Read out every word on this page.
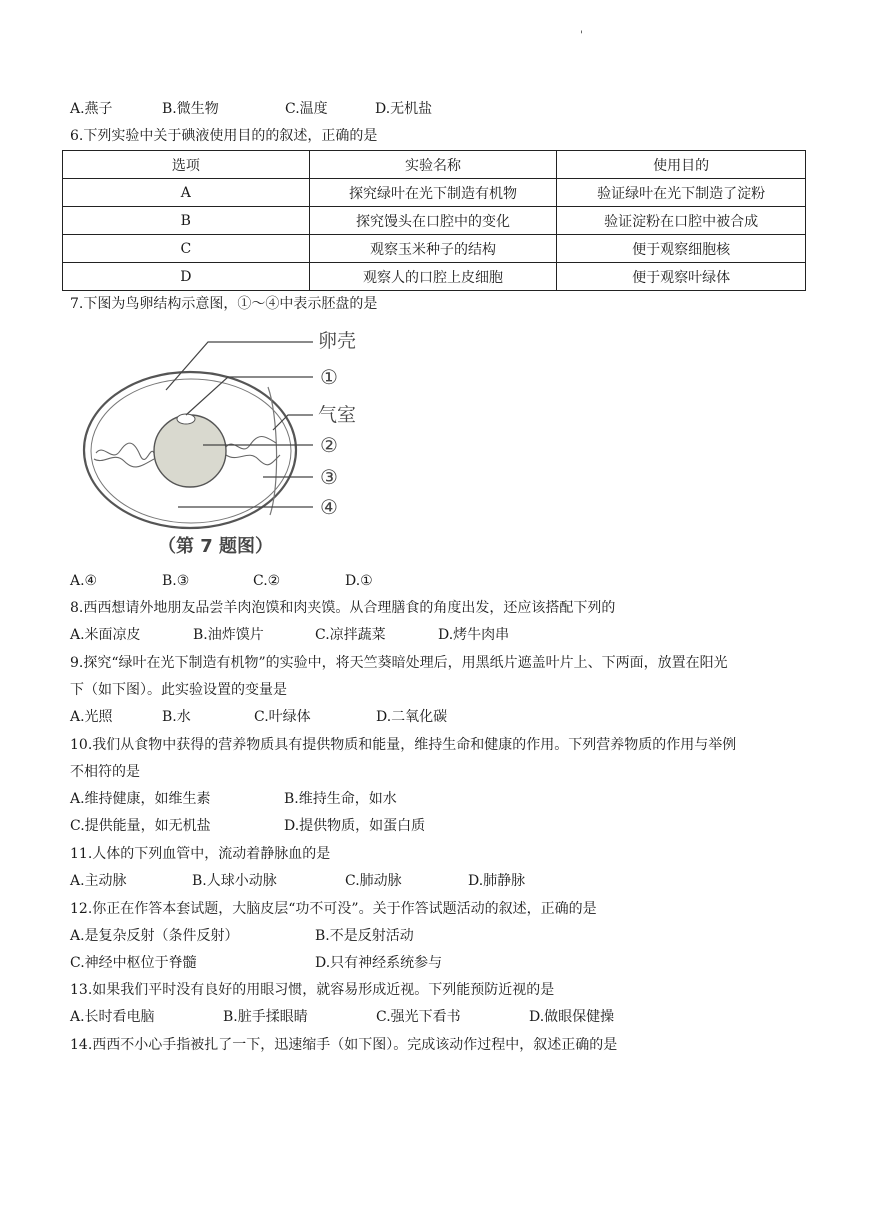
'
A.燕子	B.微生物	C.温度	D.无机盐
6.下列实验中关于碘液使用目的的叙述，正确的是
选项	实验名称	使用目的
A	探究绿叶在光下制造有机物	验证绿叶在光下制造了淀粉
B	探究馒头在口腔中的变化	验证淀粉在口腔中被合成
C	观察玉米种子的结构	便于观察细胞核
D	观察人的口腔上皮细胞	便于观察叶绿体
7.下图为鸟卵结构示意图，①～④中表示胚盘的是
卵壳
①
气室
②
③
④
（第 7 题图）
A.④	B.③	C.②	D.①
8.西西想请外地朋友品尝羊肉泡馍和肉夹馍。从合理膳食的角度出发，还应该搭配下列的
A.米面凉皮	B.油炸馍片	C.凉拌蔬菜	D.烤牛肉串
9.探究“绿叶在光下制造有机物”的实验中，将天竺葵暗处理后，用黑纸片遮盖叶片上、下两面，放置在阳光
下（如下图）。此实验设置的变量是
A.光照	B.水	C.叶绿体	D.二氧化碳
10.我们从食物中获得的营养物质具有提供物质和能量，维持生命和健康的作用。下列营养物质的作用与举例
不相符的是
A.维持健康，如维生素	B.维持生命，如水
C.提供能量，如无机盐	D.提供物质，如蛋白质
11.人体的下列血管中，流动着静脉血的是
A.主动脉	B.人球小动脉	C.肺动脉	D.肺静脉
12.你正在作答本套试题，大脑皮层“功不可没”。关于作答试题活动的叙述，正确的是
A.是复杂反射（条件反射）	B.不是反射活动
C.神经中枢位于脊髓	D.只有神经系统参与
13.如果我们平时没有良好的用眼习惯，就容易形成近视。下列能预防近视的是
A.长时看电脑	B.脏手揉眼睛	C.强光下看书	D.做眼保健操
14.西西不小心手指被扎了一下，迅速缩手（如下图）。完成该动作过程中，叙述正确的是
